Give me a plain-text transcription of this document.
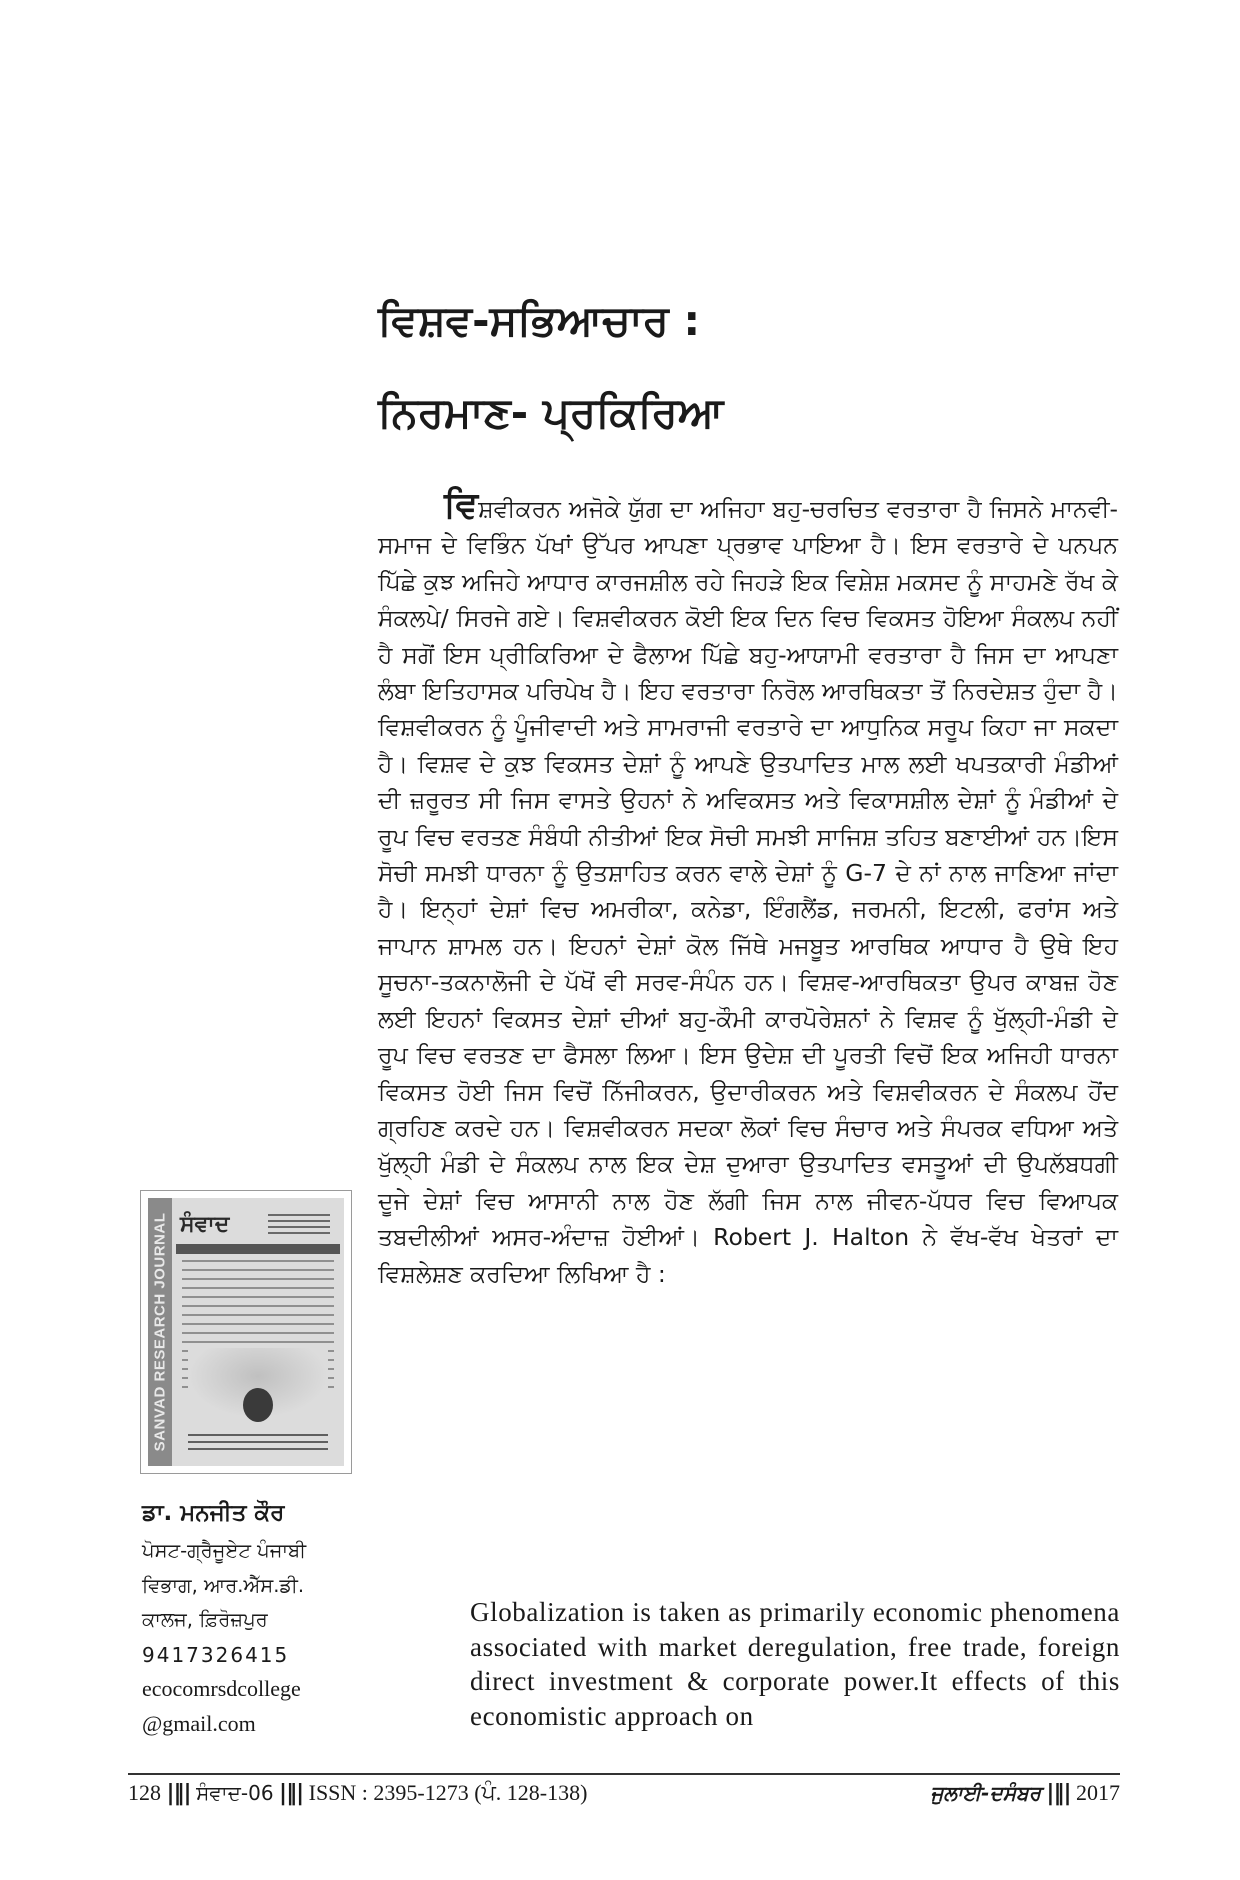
ਵਿਸ਼ਵ-ਸਭਿਆਚਾਰ :
ਨਿਰਮਾਣ- ਪ੍ਰਕਿਰਿਆ

ਵਿਸ਼ਵੀਕਰਨ ਅਜੋਕੇ ਯੁੱਗ ਦਾ ਅਜਿਹਾ ਬਹੁ-ਚਰਚਿਤ ਵਰਤਾਰਾ ਹੈ ਜਿਸਨੇ ਮਾਨਵੀ-ਸਮਾਜ ਦੇ ਵਿਭਿੰਨ ਪੱਖਾਂ ਉੱਪਰ ਆਪਣਾ ਪ੍ਰਭਾਵ ਪਾਇਆ ਹੈ। ਇਸ ਵਰਤਾਰੇ ਦੇ ਪਨਪਨ ਪਿੱਛੇ ਕੁਝ ਅਜਿਹੇ ਆਧਾਰ ਕਾਰਜਸ਼ੀਲ ਰਹੇ ਜਿਹੜੇ ਇਕ ਵਿਸ਼ੇਸ਼ ਮਕਸਦ ਨੂੰ ਸਾਹਮਣੇ ਰੱਖ ਕੇ ਸੰਕਲਪੇ/ ਸਿਰਜੇ ਗਏ। ਵਿਸ਼ਵੀਕਰਨ ਕੋਈ ਇਕ ਦਿਨ ਵਿਚ ਵਿਕਸਤ ਹੋਇਆ ਸੰਕਲਪ ਨਹੀਂ ਹੈ ਸਗੋਂ ਇਸ ਪ੍ਰੀਕਿਰਿਆ ਦੇ ਫੈਲਾਅ ਪਿੱਛੇ ਬਹੁ-ਆਯਾਮੀ ਵਰਤਾਰਾ ਹੈ ਜਿਸ ਦਾ ਆਪਣਾ ਲੰਬਾ ਇਤਿਹਾਸਕ ਪਰਿਪੇਖ ਹੈ। ਇਹ ਵਰਤਾਰਾ ਨਿਰੋਲ ਆਰਥਿਕਤਾ ਤੋਂ ਨਿਰਦੇਸ਼ਤ ਹੁੰਦਾ ਹੈ। ਵਿਸ਼ਵੀਕਰਨ ਨੂੰ ਪੂੰਜੀਵਾਦੀ ਅਤੇ ਸਾਮਰਾਜੀ ਵਰਤਾਰੇ ਦਾ ਆਧੁਨਿਕ ਸਰੂਪ ਕਿਹਾ ਜਾ ਸਕਦਾ ਹੈ। ਵਿਸ਼ਵ ਦੇ ਕੁਝ ਵਿਕਸਤ ਦੇਸ਼ਾਂ ਨੂੰ ਆਪਣੇ ਉਤਪਾਦਿਤ ਮਾਲ ਲਈ ਖਪਤਕਾਰੀ ਮੰਡੀਆਂ ਦੀ ਜ਼ਰੂਰਤ ਸੀ ਜਿਸ ਵਾਸਤੇ ਉਹਨਾਂ ਨੇ ਅਵਿਕਸਤ ਅਤੇ ਵਿਕਾਸਸ਼ੀਲ ਦੇਸ਼ਾਂ ਨੂੰ ਮੰਡੀਆਂ ਦੇ ਰੂਪ ਵਿਚ ਵਰਤਣ ਸੰਬੰਧੀ ਨੀਤੀਆਂ ਇਕ ਸੋਚੀ ਸਮਝੀ ਸਾਜਿਸ਼ ਤਹਿਤ ਬਣਾਈਆਂ ਹਨ।ਇਸ ਸੋਚੀ ਸਮਝੀ ਧਾਰਨਾ ਨੂੰ ਉਤਸ਼ਾਹਿਤ ਕਰਨ ਵਾਲੇ ਦੇਸ਼ਾਂ ਨੂੰ G-7 ਦੇ ਨਾਂ ਨਾਲ ਜਾਣਿਆ ਜਾਂਦਾ ਹੈ। ਇਨ੍ਹਾਂ ਦੇਸ਼ਾਂ ਵਿਚ ਅਮਰੀਕਾ, ਕਨੇਡਾ, ਇੰਗਲੈਂਡ, ਜਰਮਨੀ, ਇਟਲੀ, ਫਰਾਂਸ ਅਤੇ ਜਾਪਾਨ ਸ਼ਾਮਲ ਹਨ। ਇਹਨਾਂ ਦੇਸ਼ਾਂ ਕੋਲ ਜਿੱਥੇ ਮਜਬੂਤ ਆਰਥਿਕ ਆਧਾਰ ਹੈ ਉਥੇ ਇਹ ਸੂਚਨਾ-ਤਕਨਾਲੋਜੀ ਦੇ ਪੱਖੋਂ ਵੀ ਸਰਵ-ਸੰਪੰਨ ਹਨ। ਵਿਸ਼ਵ-ਆਰਥਿਕਤਾ ਉਪਰ ਕਾਬਜ਼ ਹੋਣ ਲਈ ਇਹਨਾਂ ਵਿਕਸਤ ਦੇਸ਼ਾਂ ਦੀਆਂ ਬਹੁ-ਕੌਮੀ ਕਾਰਪੋਰੇਸ਼ਨਾਂ ਨੇ ਵਿਸ਼ਵ ਨੂੰ ਖੁੱਲ੍ਹੀ-ਮੰਡੀ ਦੇ ਰੂਪ ਵਿਚ ਵਰਤਣ ਦਾ ਫੈਸਲਾ ਲਿਆ। ਇਸ ਉਦੇਸ਼ ਦੀ ਪੂਰਤੀ ਵਿਚੋਂ ਇਕ ਅਜਿਹੀ ਧਾਰਨਾ ਵਿਕਸਤ ਹੋਈ ਜਿਸ ਵਿਚੋਂ ਨਿੱਜੀਕਰਨ, ਉਦਾਰੀਕਰਨ ਅਤੇ ਵਿਸ਼ਵੀਕਰਨ ਦੇ ਸੰਕਲਪ ਹੋਂਦ ਗ੍ਰਹਿਣ ਕਰਦੇ ਹਨ। ਵਿਸ਼ਵੀਕਰਨ ਸਦਕਾ ਲੋਕਾਂ ਵਿਚ ਸੰਚਾਰ ਅਤੇ ਸੰਪਰਕ ਵਧਿਆ ਅਤੇ ਖੁੱਲ੍ਹੀ ਮੰਡੀ ਦੇ ਸੰਕਲਪ ਨਾਲ ਇਕ ਦੇਸ਼ ਦੁਆਰਾ ਉਤਪਾਦਿਤ ਵਸਤੂਆਂ ਦੀ ਉਪਲੱਬਧਗੀ ਦੂਜੇ ਦੇਸ਼ਾਂ ਵਿਚ ਆਸਾਨੀ ਨਾਲ ਹੋਣ ਲੱਗੀ ਜਿਸ ਨਾਲ ਜੀਵਨ-ਪੱਧਰ ਵਿਚ ਵਿਆਪਕ ਤਬਦੀਲੀਆਂ ਅਸਰ-ਅੰਦਾਜ਼ ਹੋਈਆਂ। Robert J. Halton ਨੇ ਵੱਖ-ਵੱਖ ਖੇਤਰਾਂ ਦਾ ਵਿਸ਼ਲੇਸ਼ਣ ਕਰਦਿਆ ਲਿਖਿਆ ਹੈ :

Globalization is taken as primarily economic phenomena associated with market deregulation, free trade, foreign direct investment & corporate power.It effects of this economistic approach on

SANVAD RESEARCH JOURNAL ਸੰਵਾਦ

ਡਾ. ਮਨਜੀਤ ਕੌਰ

ਪੋਸਟ-ਗ੍ਰੈਜੂਏਟ ਪੰਜਾਬੀ

ਵਿਭਾਗ, ਆਰ.ਐੱਸ.ਡੀ.

ਕਾਲਜ, ਫ਼ਿਰੋਜ਼ਪੁਰ

9417326415

ecocomrsdcollege

@gmail.com

128 |‖| ਸੰਵਾਦ-06 |‖| ISSN : 2395-1273 (ਪੰ. 128-138)	ਜੁਲਾਈ-ਦਸੰਬਰ |‖| 2017
